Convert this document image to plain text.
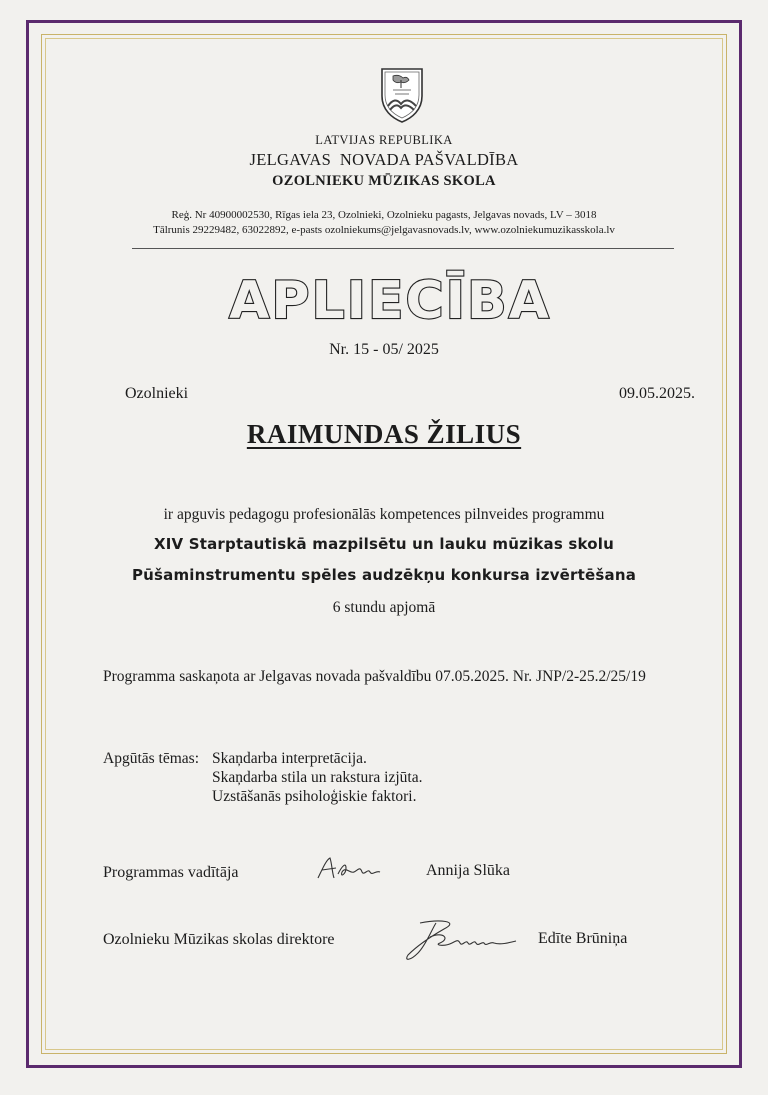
LATVIJAS REPUBLIKA
JELGAVAS  NOVADA PAŠVALDĪBA
OZOLNIEKU MŪZIKAS SKOLA
Reģ. Nr 40900002530, Rīgas iela 23, Ozolnieki, Ozolnieku pagasts, Jelgavas novads, LV – 3018
Tālrunis 29229482, 63022892, e-pasts ozolniekums@jelgavasnovads.lv, www.ozolniekumuzikasskola.lv
APLIECĪBA
Nr. 15 - 05/ 2025
Ozolnieki	09.05.2025.
RAIMUNDAS ŽILIUS
ir apguvis pedagogu profesionālās kompetences pilnveides programmu
XIV Starptautiskā mazpilsētu un lauku mūzikas skolu
Pūšaminstrumentu spēles audzēkņu konkursa izvērtēšana
6 stundu apjomā
Programma saskaņota ar Jelgavas novada pašvaldību 07.05.2025. Nr. JNP/2-25.2/25/19
Apgūtās tēmas: Skaņdarba interpretācija.
Skaņdarba stila un rakstura izjūta.
Uzstāšanās psiholoģiskie faktori.
Programmas vadītāja	Annija Slūka
Ozolnieku Mūzikas skolas direktore	Edīte Brūniņa
